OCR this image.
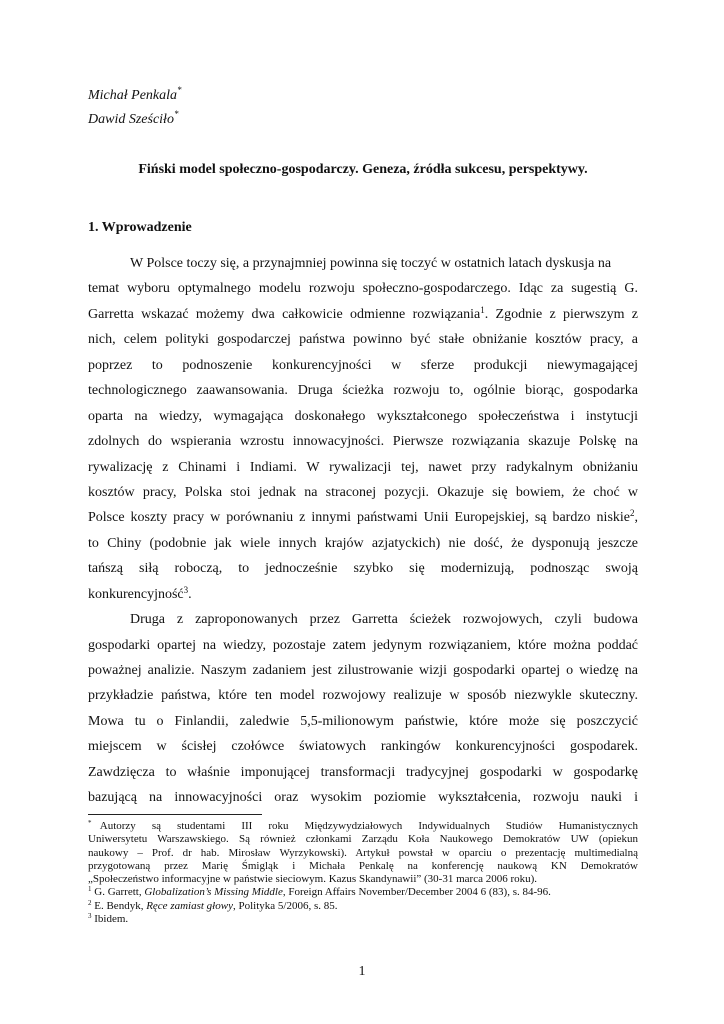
Michał Penkala*
Dawid Sześciło*
Fiński model społeczno-gospodarczy. Geneza, źródła sukcesu, perspektywy.
1. Wprowadzenie
W Polsce toczy się, a przynajmniej powinna się toczyć w ostatnich latach dyskusja na
temat wyboru optymalnego modelu rozwoju społeczno-gospodarczego. Idąc za sugestią G.
Garretta wskazać możemy dwa całkowicie odmienne rozwiązania$^1$. Zgodnie z pierwszym z
nich, celem polityki gospodarczej państwa powinno być stałe obniżanie kosztów pracy, a
poprzez to podnoszenie konkurencyjności w sferze produkcji niewymagającej
technologicznego zaawansowania. Druga ścieżka rozwoju to, ogólnie biorąc, gospodarka
oparta na wiedzy, wymagająca doskonałego wykształconego społeczeństwa i instytucji
zdolnych do wspierania wzrostu innowacyjności. Pierwsze rozwiązania skazuje Polskę na
rywalizację z Chinami i Indiami. W rywalizacji tej, nawet przy radykalnym obniżaniu
kosztów pracy, Polska stoi jednak na straconej pozycji. Okazuje się bowiem, że choć w
Polsce koszty pracy w porównaniu z innymi państwami Unii Europejskiej, są bardzo niskie$^2$,
to Chiny (podobnie jak wiele innych krajów azjatyckich) nie dość, że dysponują jeszcze
tańszą siłą roboczą, to jednocześnie szybko się modernizują, podnosząc swoją
konkurencyjność$^3$.
Druga z zaproponowanych przez Garretta ścieżek rozwojowych, czyli budowa
gospodarki opartej na wiedzy, pozostaje zatem jedynym rozwiązaniem, które można poddać
poważnej analizie. Naszym zadaniem jest zilustrowanie wizji gospodarki opartej o wiedzę na
przykładzie państwa, które ten model rozwojowy realizuje w sposób niezwykle skuteczny.
Mowa tu o Finlandii, zaledwie 5,5-milionowym państwie, które może się poszczycić
miejscem w ścisłej czołówce światowych rankingów konkurencyjności gospodarek.
Zawdzięcza to właśnie imponującej transformacji tradycyjnej gospodarki w gospodarkę
bazującą na innowacyjności oraz wysokim poziomie wykształcenia, rozwoju nauki i
* Autorzy są studentami III roku Międzywydziałowych Indywidualnych Studiów Humanistycznych
Uniwersytetu Warszawskiego. Są również członkami Zarządu Koła Naukowego Demokratów UW (opiekun
naukowy – Prof. dr hab. Mirosław Wyrzykowski). Artykuł powstał w oparciu o prezentację multimedialną
przygotowaną przez Marię Śmigląk i Michała Penkalę na konferencję naukową KN Demokratów
„Społeczeństwo informacyjne w państwie sieciowym. Kazus Skandynawii” (30-31 marca 2006 roku).
$^1$ G. Garrett, Globalization’s Missing Middle, Foreign Affairs November/December 2004 6 (83), s. 84-96.
$^2$ E. Bendyk, Ręce zamiast głowy, Polityka 5/2006, s. 85.
$^3$ Ibidem.
1
